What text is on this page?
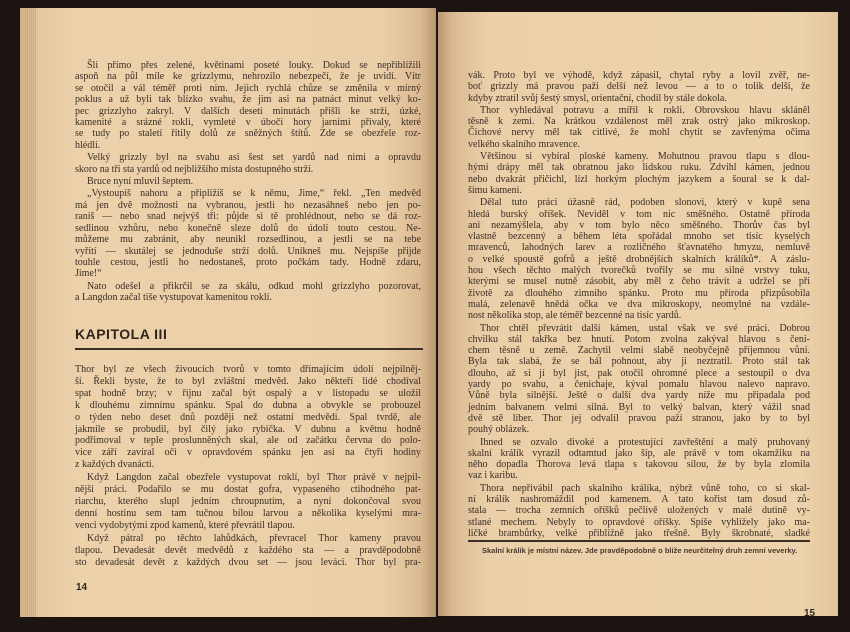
Šli přímo přes zelené, květinami poseté louky. Dokud se nepřiblížili
aspoň na půl míle ke grizzlymu, nehrozilo nebezpečí, že je uvidí. Vítr
se otočil a vál téměř proti nim. Jejich rychlá chůze se změnila v mírný
poklus a už byli tak blízko svahu, že jim asi na patnáct minut velký ko-
pec grizzlyho zakryl. V dalších deseti minutách přišli ke strži, úzké,
kamenité a srázné rokli, vymleté v úbočí hory jarními přívaly, které
se tudy po staletí řítily dolů ze sněžných štítů. Zde se obezřele roz-
hlédli.
Velký grizzly byl na svahu asi šest set yardů nad nimi a opravdu
skoro na tři sta yardů od nejbližšího místa dostupného strží.
Bruce nyní mluvil šeptem.
„Vystoupíš nahoru a připlížíš se k němu, Jime,“ řekl. „Ten medvěd
má jen dvě možnosti na vybranou, jestli ho nezasáhneš nebo jen po-
raníš — nebo snad nejvýš tři: půjde si tě prohlédnout, nebo se dá roz-
sedlinou vzhůru, nebo konečně sleze dolů do údolí touto cestou. Ne-
můžeme mu zabránit, aby neunikl rozsedlinou, a jestli se na tebe
vyřítí — skutálej se jednoduše strží dolů. Unikneš mu. Nejspíše přijde
touhle cestou, jestli ho nedostaneš, proto počkám tady. Hodně zdaru,
Jime!“
Nato odešel a přikrčil se za skálu, odkud mohl grizzlyho pozorovat,
a Langdon začal tiše vystupovat kamenitou roklí.
KAPITOLA III
Thor byl ze všech živoucích tvorů v tomto dřímajícím údolí nejpilněj-
ší. Řekli byste, že to byl zvláštní medvěd. Jako někteří lidé chodíval
spat hodně brzy; v říjnu začal být ospalý a v listopadu se uložil
k dlouhému zimnímu spánku. Spal do dubna a obvykle se probouzel
o týden nebo deset dnů později než ostatní medvědi. Spal tvrdě, ale
jakmile se probudil, byl čilý jako rybička. V dubnu a květnu hodně
podřimoval v teple proslunněných skal, ale od začátku června do polo-
vice září zavíral oči v opravdovém spánku jen asi na čtyři hodiny
z každých dvanácti.
Když Langdon začal obezřele vystupovat roklí, byl Thor právě v nejpil-
nější práci. Podařilo se mu dostat gofra, vypaseného ctihodného pat-
riarchu, kterého slupl jedním chroupnutím, a nyní dokončoval svou
denní hostinu sem tam tučnou bílou larvou a několika kyselými mra-
venci vydobytými zpod kamenů, které převrátil tlapou.
Když pátral po těchto lahůdkách, převracel Thor kameny pravou
tlapou. Devadesát devět medvědů z každého sta — a pravděpodobně
sto devadesát devět z každých dvou set — jsou leváci. Thor byl pra-
14
vák. Proto byl ve výhodě, když zápasil, chytal ryby a lovil zvěř, ne-
boť grizzly má pravou paži delší než levou — a to o tolik delší, že
kdyby ztratil svůj šestý smysl, orientační, chodil by stále dokola.
Thor vyhledával potravu a mířil k rokli. Obrovskou hlavu skláněl
těsně k zemi. Na krátkou vzdálenost měl zrak ostrý jako mikroskop.
Čichové nervy měl tak citlivé, že mohl chytit se zavřenýma očima
velkého skalního mravence.
Většinou si vybíral ploské kameny. Mohutnou pravou tlapu s dlou-
hými drápy měl tak obratnou jako lidskou ruku. Zdvihl kámen, jednou
nebo dvakrát přičichl, lízl horkým plochým jazykem a šoural se k dal-
šímu kameni.
Dělal tuto práci úžasně rád, podoben slonovi, který v kupě sena
hledá burský oříšek. Neviděl v tom nic směšného. Ostatně příroda
ani nezamýšlela, aby v tom bylo něco směšného. Thorův čas byl
vlastně bezcenný a během léta spořádal mnoho set tisíc kyselých
mravenců, lahodných larev a rozličného šťavnatého hmyzu, nemluvě
o velké spoustě gofrů a ještě drobnějších skalních králíků*. A záslu-
hou všech těchto malých tvorečků tvořily se mu silné vrstvy tuku,
kterými se musel nutně zásobit, aby měl z čeho trávit a udržel se při
životě za dlouhého zimního spánku. Proto mu příroda přizpůsobila
malá, zelenavě hnědá očka ve dva mikroskopy, neomylné na vzdále-
nost několika stop, ale téměř bezcenné na tisíc yardů.
Thor chtěl převrátit další kámen, ustal však ve své práci. Dobrou
chvilku stál takřka bez hnutí. Potom zvolna zakýval hlavou s čeni-
chem těsně u země. Zachytil velmi slabě neobyčejně příjemnou vůni.
Byla tak slabá, že se bál pohnout, aby ji neztratil. Proto stál tak
dlouho, až si jí byl jist, pak otočil ohromné plece a sestoupil o dva
yardy po svahu, a čenichaje, kýval pomalu hlavou nalevo napravo.
Vůně byla silnější. Ještě o další dva yardy níže mu připadala pod
jedním balvanem velmi silná. Byl to velký balvan, který vážil snad
dvě stě liber. Thor jej odvalil pravou paží stranou, jako by to byl
pouhý oblázek.
Ihned se ozvalo divoké a protestující zavřeštění a malý pruhovaný
skalní králík vyrazil odtamtud jako šíp, ale právě v tom okamžiku na
něho dopadla Thorova levá tlapa s takovou silou, že by byla zlomila
vaz i karibu.
Thora nepřivábil pach skalního králíka, nýbrž vůně toho, co si skal-
ní králík nashromáždil pod kamenem. A tato kořist tam dosud zů-
stala — trocha zemních oříšků pečlivě uložených v malé dutině vy-
stlané mechem. Nebyly to opravdové oříšky. Spíše vyhlížely jako ma-
ličké brambůrky, velké přibližně jako třešně. Byly škrobnaté, sladké
Skalní králík je místní název. Jde pravděpodobně o blíže neurčitelný druh zemní veverky.
15
